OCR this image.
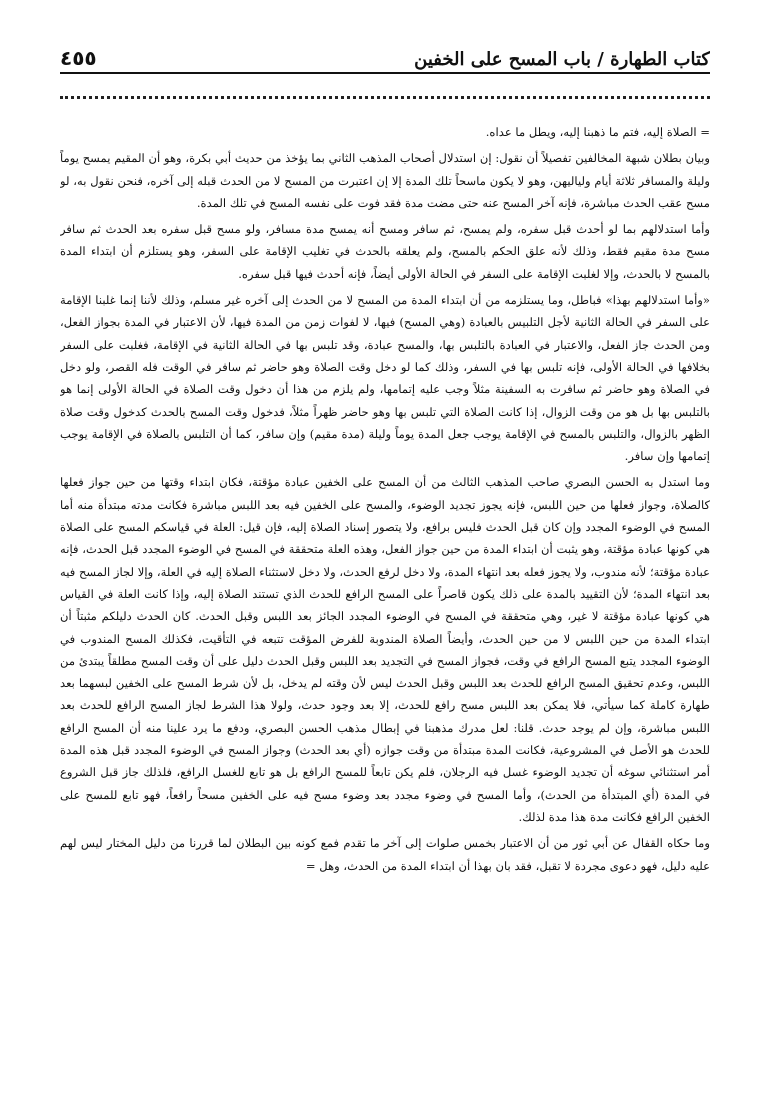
كتاب الطهارة / باب المسح على الخفين
٤٥٥

= الصلاة إليه، فتم ما ذهبنا إليه، ويطل ما عداه.

وبيان بطلان شبهة المخالفين تفصيلاً أن نقول: إن استدلال أصحاب المذهب الثاني بما يؤخذ من حديث أبي بكرة، وهو أن المقيم يمسح يوماً وليلة والمسافر ثلاثة أيام ولياليهن، وهو لا يكون ماسحاً تلك المدة إلا إن اعتبرت من المسح لا من الحدث قبله إلى آخره، فنحن نقول به، لو مسح عقب الحدث مباشرة، فإنه آخر المسح عنه حتى مضت مدة فقد فوت على نفسه المسح في تلك المدة.

وأما استدلالهم بما لو أحدث قبل سفره، ولم يمسح، ثم سافر ومسح أنه يمسح مدة مسافر، ولو مسح قبل سفره بعد الحدث ثم سافر مسح مدة مقيم فقط، وذلك لأنه علق الحكم بالمسح، ولم يعلقه بالحدث في تغليب الإقامة على السفر، وهو يستلزم أن ابتداء المدة بالمسح لا بالحدث، وإلا لغلبت الإقامة على السفر في الحالة الأولى أيضاً، فإنه أحدث فيها قبل سفره.

«وأما استدلالهم بهذا» فباطل، وما يستلزمه من أن ابتداء المدة من المسح لا من الحدث إلى آخره غير مسلم، وذلك لأننا إنما غلبنا الإقامة على السفر في الحالة الثانية لأجل التلبيس بالعبادة (وهي المسح) فيها، لا لفوات زمن من المدة فيها، لأن الاعتبار في المدة بجواز الفعل، ومن الحدث جاز الفعل، والاعتبار في العبادة بالتلبس بها، والمسح عبادة، وقد تلبس بها في الحالة الثانية في الإقامة، فغلبت على السفر بخلافها في الحالة الأولى، فإنه تلبس بها في السفر، وذلك كما لو دخل وقت الصلاة وهو حاضر ثم سافر في الوقت فله القصر، ولو دخل في الصلاة وهو حاضر ثم سافرت به السفينة مثلاً وجب عليه إتمامها، ولم يلزم من هذا أن دخول وقت الصلاة في الحالة الأولى إنما هو بالتلبس بها بل هو من وقت الزوال، إذا كانت الصلاة التي تلبس بها وهو حاضر ظهراً مثلاً، فدخول وقت المسح بالحدث كدخول وقت صلاة الظهر بالزوال، والتلبس بالمسح في الإقامة يوجب جعل المدة يوماً وليلة (مدة مقيم) وإن سافر، كما أن التلبس بالصلاة في الإقامة يوجب إتمامها وإن سافر.

وما استدل به الحسن البصري صاحب المذهب الثالث من أن المسح على الخفين عبادة مؤقتة، فكان ابتداء وقتها من حين جواز فعلها كالصلاة، وجواز فعلها من حين اللبس، فإنه يجوز تجديد الوضوء، والمسح على الخفين فيه بعد اللبس مباشرة فكانت مدته مبتدأة منه أما المسح في الوضوء المجدد وإن كان قبل الحدث فليس برافع، ولا يتصور إسناد الصلاة إليه، فإن قيل: العلة في قياسكم المسح على الصلاة هي كونها عبادة مؤقتة، وهو يثبت أن ابتداء المدة من حين جواز الفعل، وهذه العلة متحققة في المسح في الوضوء المجدد قبل الحدث، فإنه عبادة مؤقتة؛ لأنه مندوب، ولا يجوز فعله بعد انتهاء المدة، ولا دخل لرفع الحدث، ولا دخل لاستثناء الصلاة إليه في العلة، وإلا لجاز المسح فيه بعد انتهاء المدة؛ لأن التقييد بالمدة على ذلك يكون قاصراً على المسح الرافع للحدث الذي تستند الصلاة إليه، وإذا كانت العلة في القياس هي كونها عبادة مؤقتة لا غير، وهي متحققة في المسح في الوضوء المجدد الجائز بعد اللبس وقبل الحدث. كان الحدث دليلكم مثبتاً أن ابتداء المدة من حين اللبس لا من حين الحدث، وأيضاً الصلاة المندوبة للفرض المؤقت تتبعه في التأقيت، فكذلك المسح المندوب في الوضوء المجدد يتبع المسح الرافع في وقت، فجواز المسح في التجديد بعد اللبس وقبل الحدث دليل على أن وقت المسح مطلقاً يبتدئ من اللبس، وعدم تحقيق المسح الرافع للحدث بعد اللبس وقبل الحدث ليس لأن وقته لم يدخل، بل لأن شرط المسح على الخفين لبسهما بعد طهارة كاملة كما سيأتي، فلا يمكن بعد اللبس مسح رافع للحدث، إلا بعد وجود حدث، ولولا هذا الشرط لجاز المسح الرافع للحدث بعد اللبس مباشرة، وإن لم يوجد حدث. قلنا: لعل مدرك مذهبنا في إبطال مذهب الحسن البصري، ودفع ما يرد علينا منه أن المسح الرافع للحدث هو الأصل في المشروعية، فكانت المدة مبتدأة من وقت جوازه (أي بعد الحدث) وجواز المسح في الوضوء المجدد قبل هذه المدة أمر استثنائي سوغه أن تجديد الوضوء غسل فيه الرجلان، فلم يكن تابعاً للمسح الرافع بل هو تابع للغسل الرافع، فلذلك جاز قبل الشروع في المدة (أي المبتدأة من الحدث)، وأما المسح في وضوء مجدد بعد وضوء مسح فيه على الخفين مسحاً رافعاً، فهو تابع للمسح على الخفين الرافع فكانت مدة هذا مدة لذلك.

وما حكاه القفال عن أبي ثور من أن الاعتبار بخمس صلوات إلى آخر ما تقدم فمع كونه بين البطلان لما قررنا من دليل المختار ليس لهم عليه دليل، فهو دعوى مجردة لا تقبل، فقد بان بهذا أن ابتداء المدة من الحدث، وهل =
